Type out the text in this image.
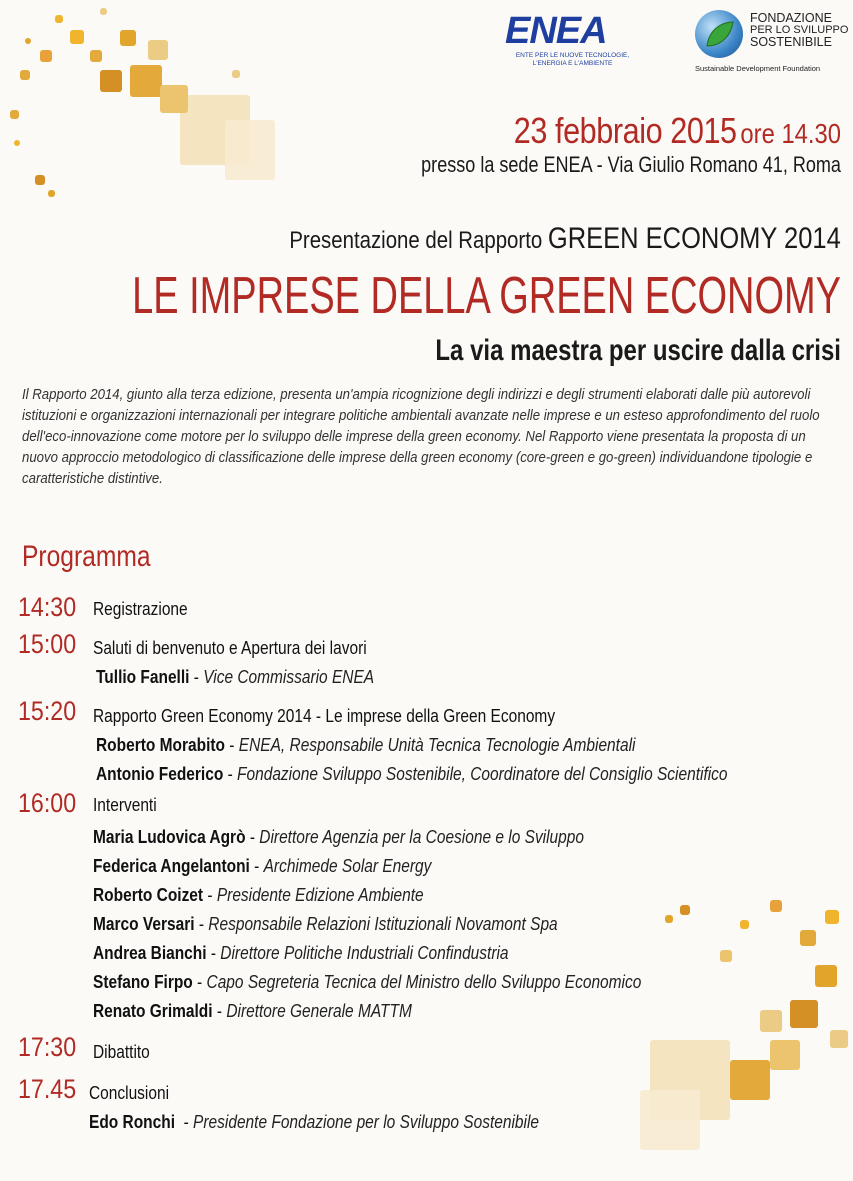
ENEA
ENTE PER LE NUOVE TECNOLOGIE,
L'ENERGIA E L'AMBIENTE
FONDAZIONE
PER LO SVILUPPO
SOSTENIBILE
Sustainable Development Foundation
23 febbraio 2015 ore 14.30
presso la sede ENEA - Via Giulio Romano 41, Roma
Presentazione del Rapporto GREEN ECONOMY 2014
LE IMPRESE DELLA GREEN ECONOMY
La via maestra per uscire dalla crisi
Il Rapporto 2014, giunto alla terza edizione, presenta un'ampia ricognizione degli indirizzi e degli strumenti elaborati dalle più autorevoli istituzioni e organizzazioni internazionali per integrare politiche ambientali avanzate nelle imprese e un esteso approfondimento del ruolo dell'eco-innovazione come motore per lo sviluppo delle imprese della green economy. Nel Rapporto viene presentata la proposta di un nuovo approccio metodologico di classificazione delle imprese della green economy (core-green e go-green) individuandone tipologie e caratteristiche distintive.
Programma
14:30 Registrazione
15:00 Saluti di benvenuto e Apertura dei lavori
Tullio Fanelli - Vice Commissario ENEA
15:20 Rapporto Green Economy 2014 - Le imprese della Green Economy
Roberto Morabito - ENEA, Responsabile Unità Tecnica Tecnologie Ambientali
Antonio Federico - Fondazione Sviluppo Sostenibile, Coordinatore del Consiglio Scientifico
16:00 Interventi
Maria Ludovica Agrò - Direttore Agenzia per la Coesione e lo Sviluppo
Federica Angelantoni - Archimede Solar Energy
Roberto Coizet - Presidente Edizione Ambiente
Marco Versari - Responsabile Relazioni Istituzionali Novamont Spa
Andrea Bianchi - Direttore Politiche Industriali Confindustria
Stefano Firpo - Capo Segreteria Tecnica del Ministro dello Sviluppo Economico
Renato Grimaldi - Direttore Generale MATTM
17:30 Dibattito
17.45 Conclusioni
Edo Ronchi  - Presidente Fondazione per lo Sviluppo Sostenibile
